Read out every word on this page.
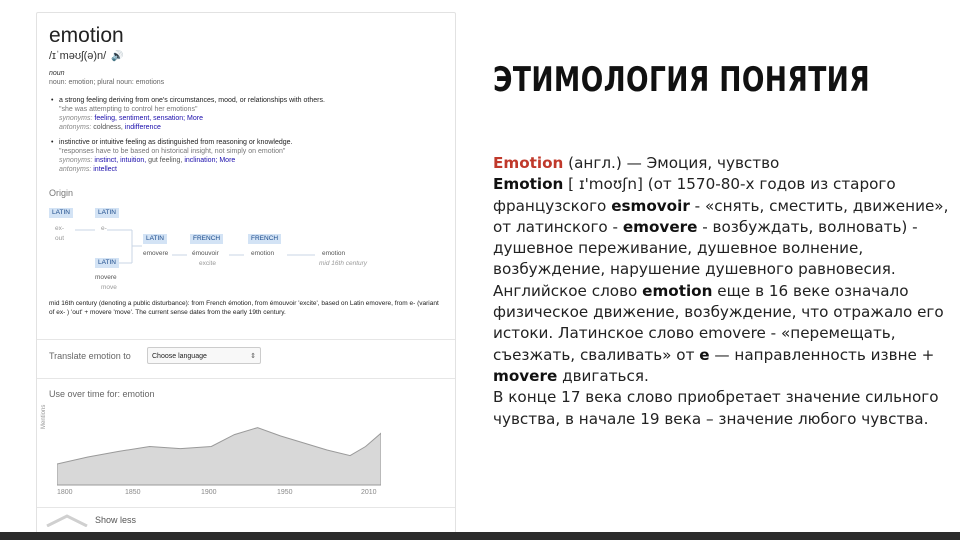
emotion
/ɪˈməʊʃ(ə)n/ 🔊
noun
noun: emotion; plural noun: emotions
• a strong feeling deriving from one's circumstances, mood, or relationships with others.
"she was attempting to control her emotions"
synonyms: feeling, sentiment, sensation; More
antonyms: coldness, indifference
• instinctive or intuitive feeling as distinguished from reasoning or knowledge.
"responses have to be based on historical insight, not simply on emotion"
synonyms: instinct, intuition, gut feeling, inclination; More
antonyms: intellect
Origin
LATIN	LATIN
LATIN	FRENCH	FRENCH
LATIN
ex-
out
e-
emovere	émouvoir
excite
emotion	emotion
mid 16th century
movere
move
mid 16th century (denoting a public disturbance): from French émotion, from émouvoir 'excite', based on Latin emovere, from e- (variant of ex- ) 'out' + movere 'move'. The current sense dates from the early 19th century.
Translate emotion to	Choose language	⇕
Use over time for: emotion
Mentions
1800	1850	1900	1950	2010
Show less
ЭТИМОЛОГИЯ ПОНЯТИЯ

Emotion (англ.) — Эмоция, чувство

Emotion [ ɪ'moʊʃn] (от 1570-80-х годов из старого французского esmovoir - «снять, сместить, движение», от латинского - emovere - возбуждать, волновать) - душевное переживание, душевное волнение, возбуждение, нарушение душевного равновесия.

Английское слово emotion еще в 16 веке означало физическое движение, возбуждение, что отражало его истоки. Латинское слово emovere - «перемещать, съезжать, сваливать» от е — направленность извне + movere двигаться.

В конце 17 века слово приобретает значение сильного чувства, в начале 19 века – значение любого чувства.
